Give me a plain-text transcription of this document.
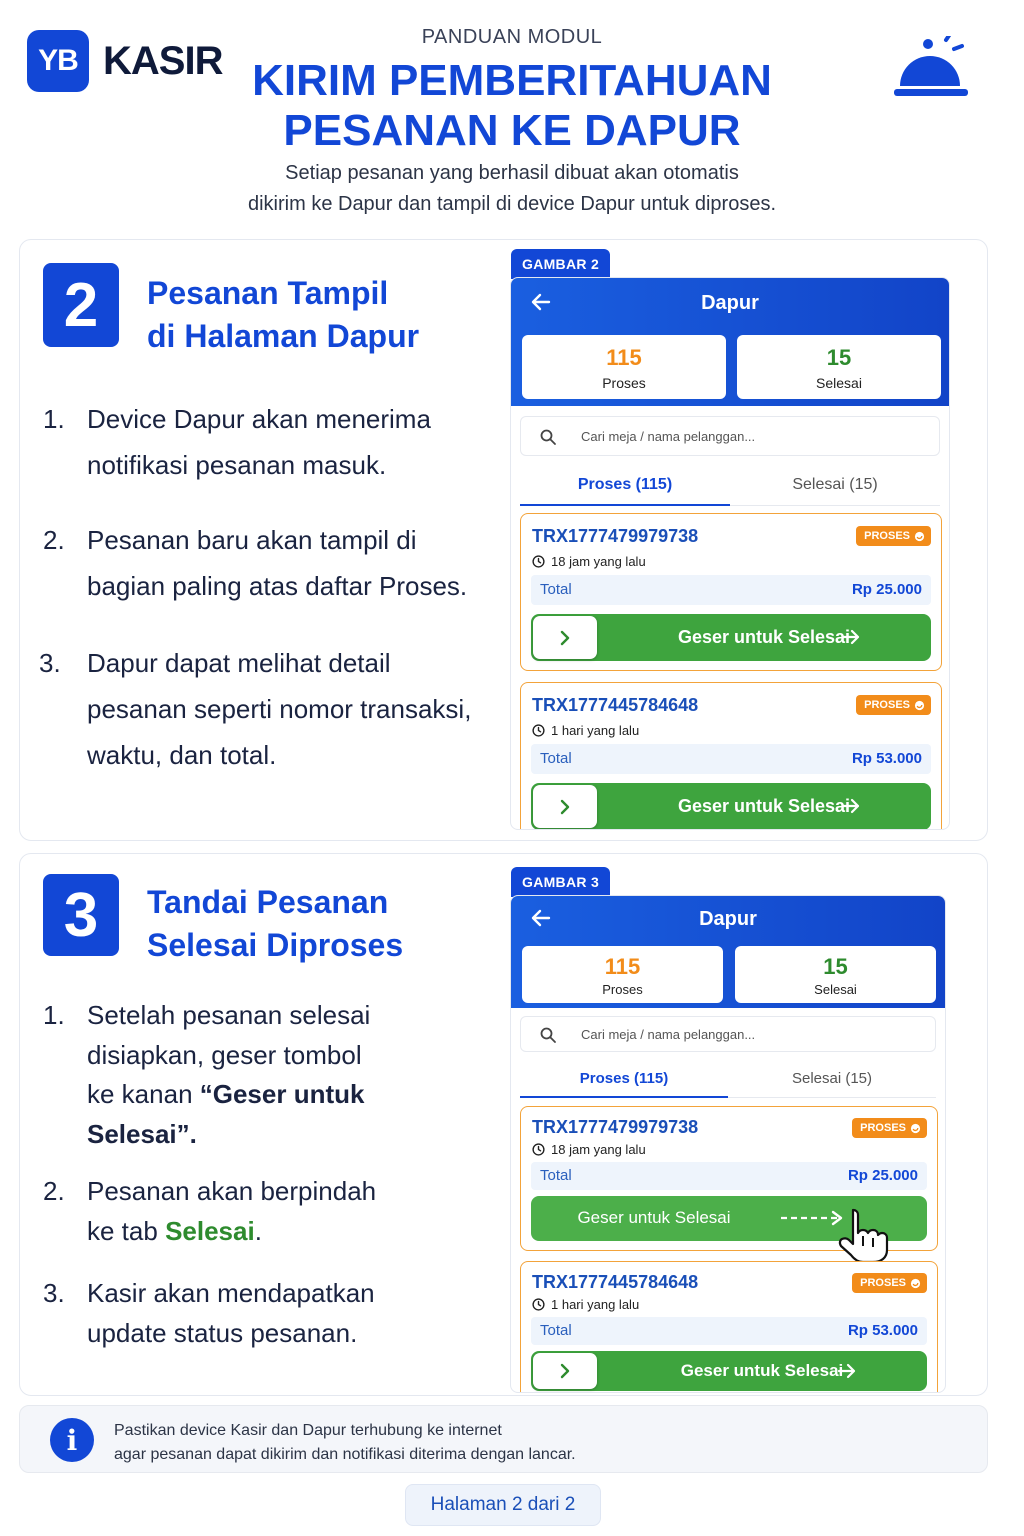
YB KASIR
PANDUAN MODUL
KIRIM PEMBERITAHUAN
PESANAN KE DAPUR
Setiap pesanan yang berhasil dibuat akan otomatis
dikirim ke Dapur dan tampil di device Dapur untuk diproses.
2	Pesanan Tampil
di Halaman Dapur
1. Device Dapur akan menerima
notifikasi pesanan masuk.
2. Pesanan baru akan tampil di
bagian paling atas daftar Proses.
3.	Dapur dapat melihat detail
pesanan seperti nomor transaksi,
waktu, dan total.
GAMBAR 2
Dapur
115
Proses
15
Selesai
Cari meja / nama pelanggan...
Proses (115)	Selesai (15)
TRX1777479979738	PROSES
18 jam yang lalu
Total	Rp 25.000
Geser untuk Selesai
TRX1777445784648	PROSES
1 hari yang lalu
Total	Rp 53.000
Geser untuk Selesai
3	Tandai Pesanan
Selesai Diproses
1. Setelah pesanan selesai
disiapkan, geser tombol
ke kanan “Geser untuk
Selesai”.
2. Pesanan akan berpindah
ke tab Selesai.
3. Kasir akan mendapatkan
update status pesanan.
GAMBAR 3
Dapur
115
Proses
15
Selesai
Cari meja / nama pelanggan...
Proses (115)	Selesai (15)
TRX1777479979738	PROSES
18 jam yang lalu
Total	Rp 25.000
Geser untuk Selesai
TRX1777445784648	PROSES
1 hari yang lalu
Total	Rp 53.000
Geser untuk Selesai
i	Pastikan device Kasir dan Dapur terhubung ke internet
agar pesanan dapat dikirim dan notifikasi diterima dengan lancar.
Halaman 2 dari 2
